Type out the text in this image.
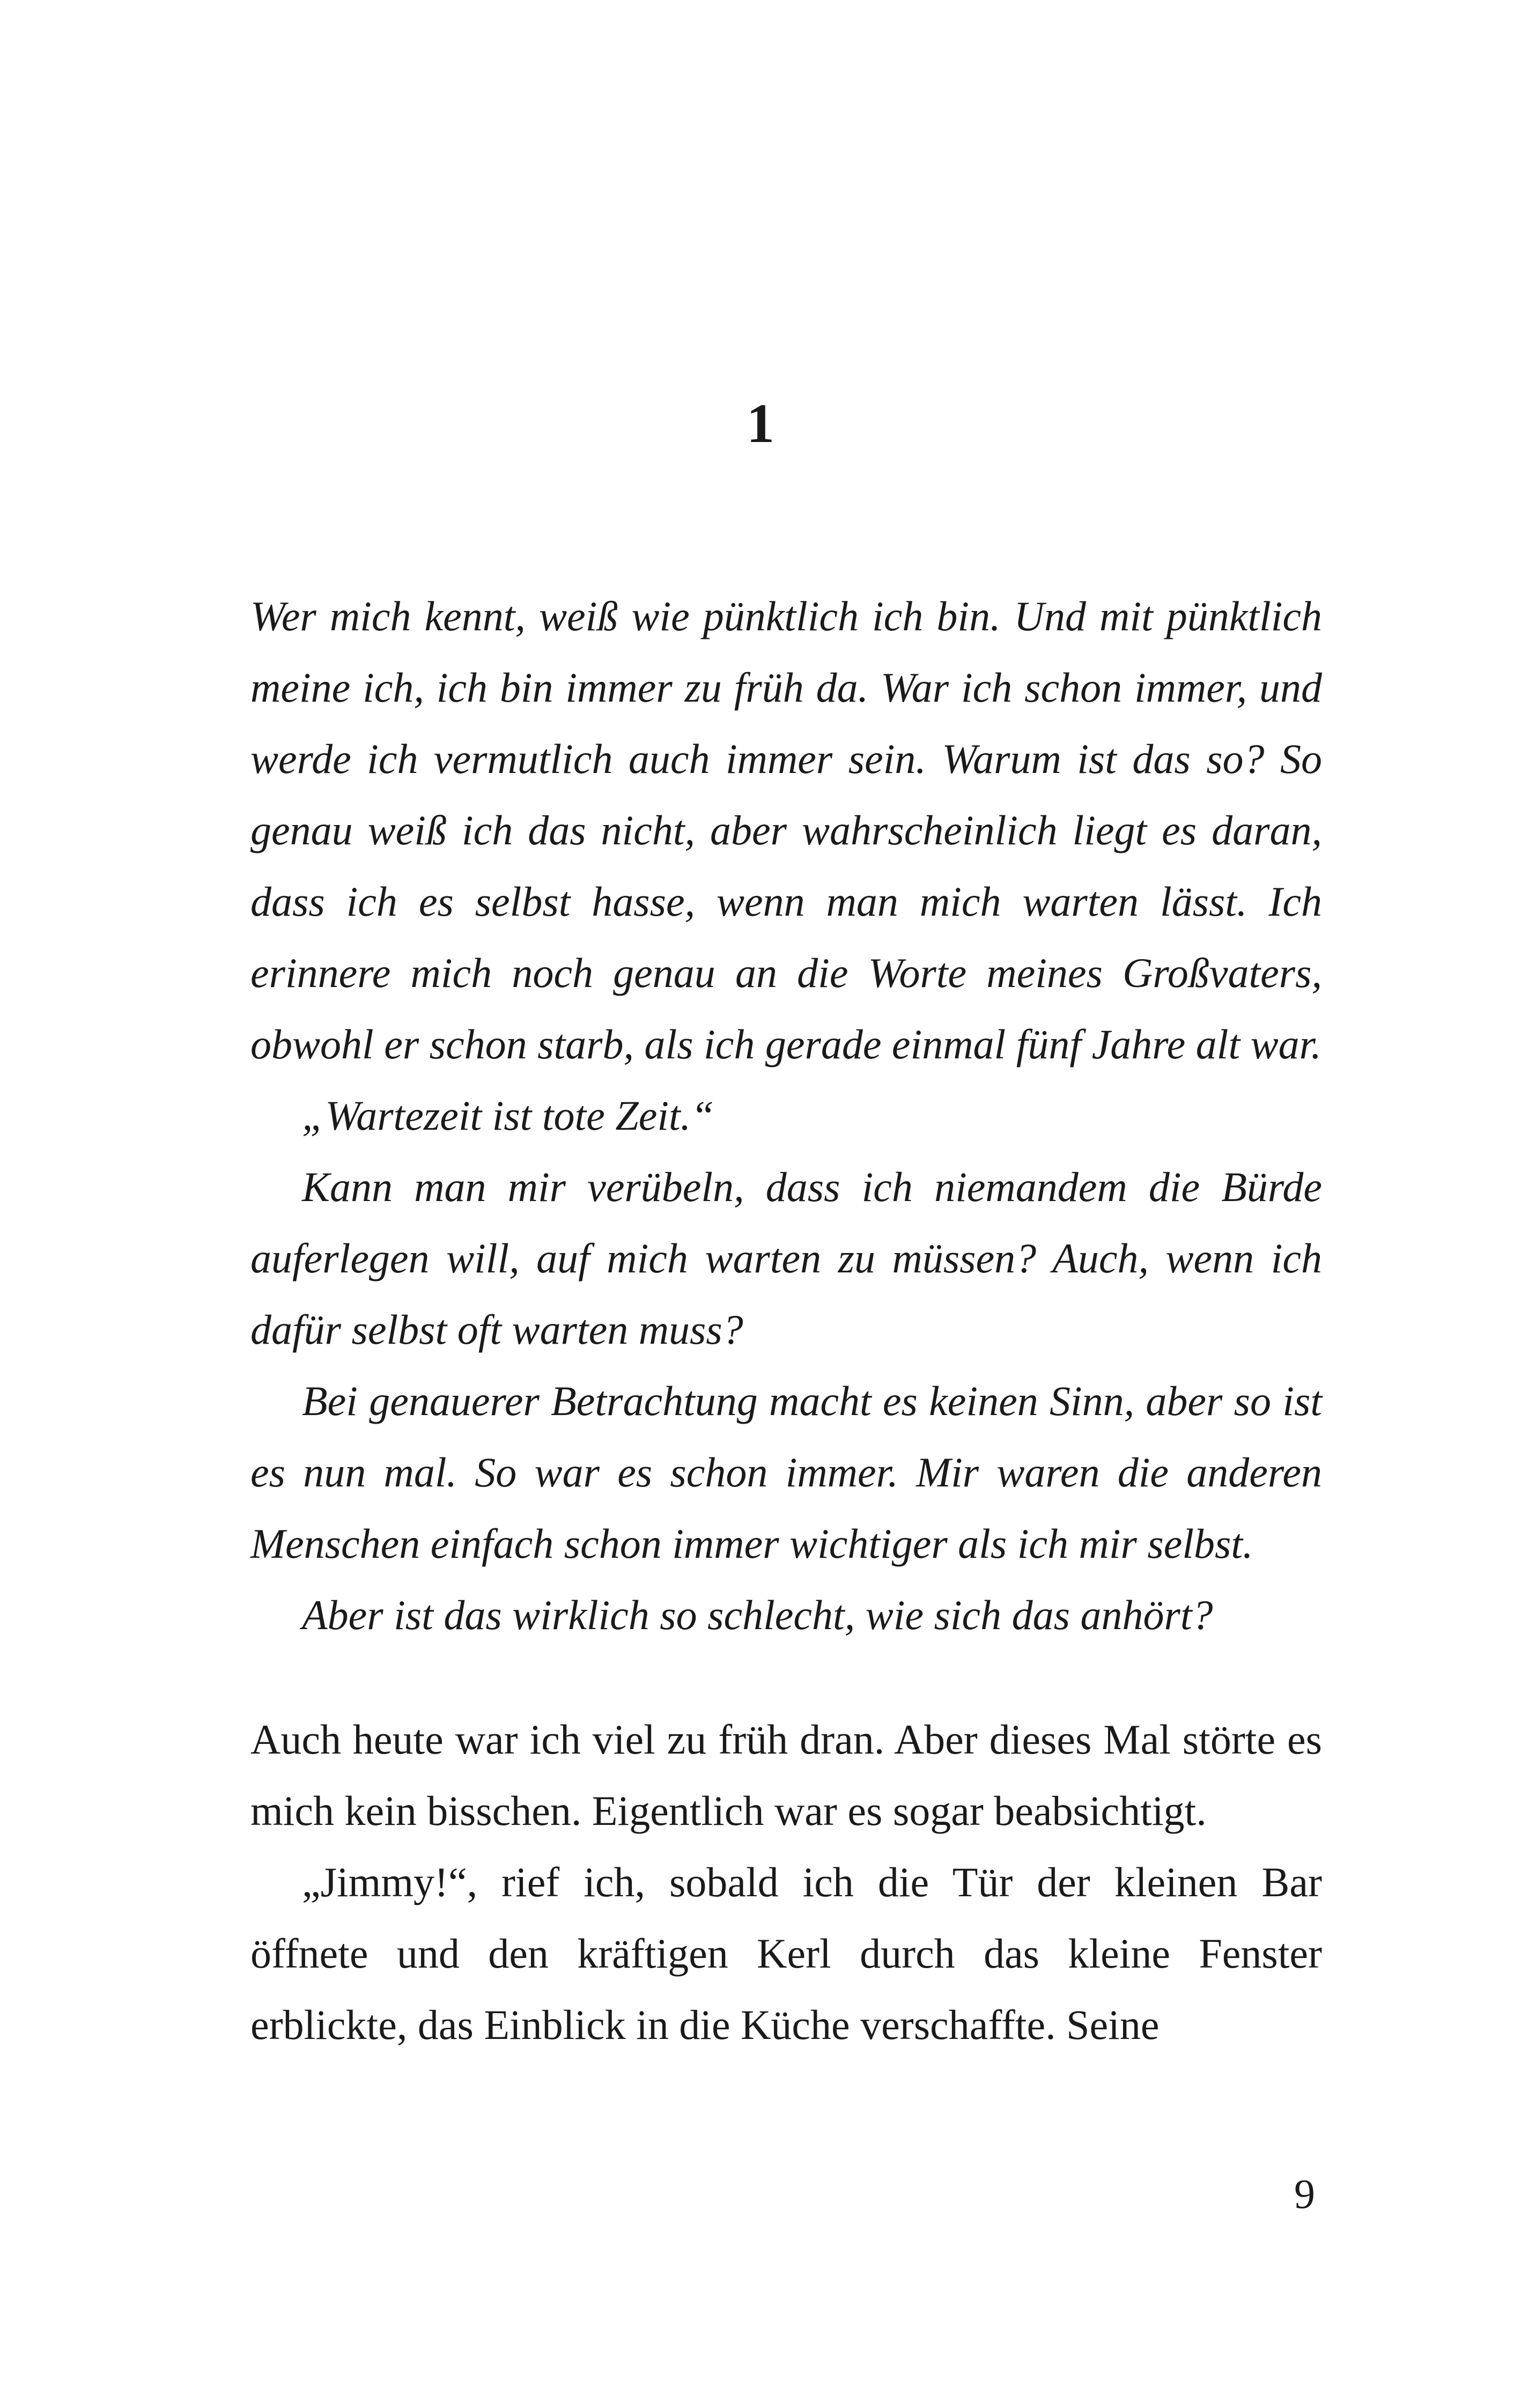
1

Wer mich kennt, weiß wie pünktlich ich bin. Und mit pünktlich meine ich, ich bin immer zu früh da. War ich schon immer, und werde ich vermutlich auch immer sein. Warum ist das so? So genau weiß ich das nicht, aber wahrscheinlich liegt es daran, dass ich es selbst hasse, wenn man mich warten lässt. Ich erinnere mich noch genau an die Worte meines Großvaters, obwohl er schon starb, als ich gerade einmal fünf Jahre alt war.

„Wartezeit ist tote Zeit.“

Kann man mir verübeln, dass ich niemandem die Bürde auferlegen will, auf mich warten zu müssen? Auch, wenn ich dafür selbst oft warten muss?

Bei genauerer Betrachtung macht es keinen Sinn, aber so ist es nun mal. So war es schon immer. Mir waren die anderen Menschen einfach schon immer wichtiger als ich mir selbst.

Aber ist das wirklich so schlecht, wie sich das anhört?

Auch heute war ich viel zu früh dran. Aber dieses Mal störte es mich kein bisschen. Eigentlich war es sogar beabsichtigt.

„Jimmy!“, rief ich, sobald ich die Tür der kleinen Bar öffnete und den kräftigen Kerl durch das kleine Fenster erblickte, das Einblick in die Küche verschaffte. Seine

9
